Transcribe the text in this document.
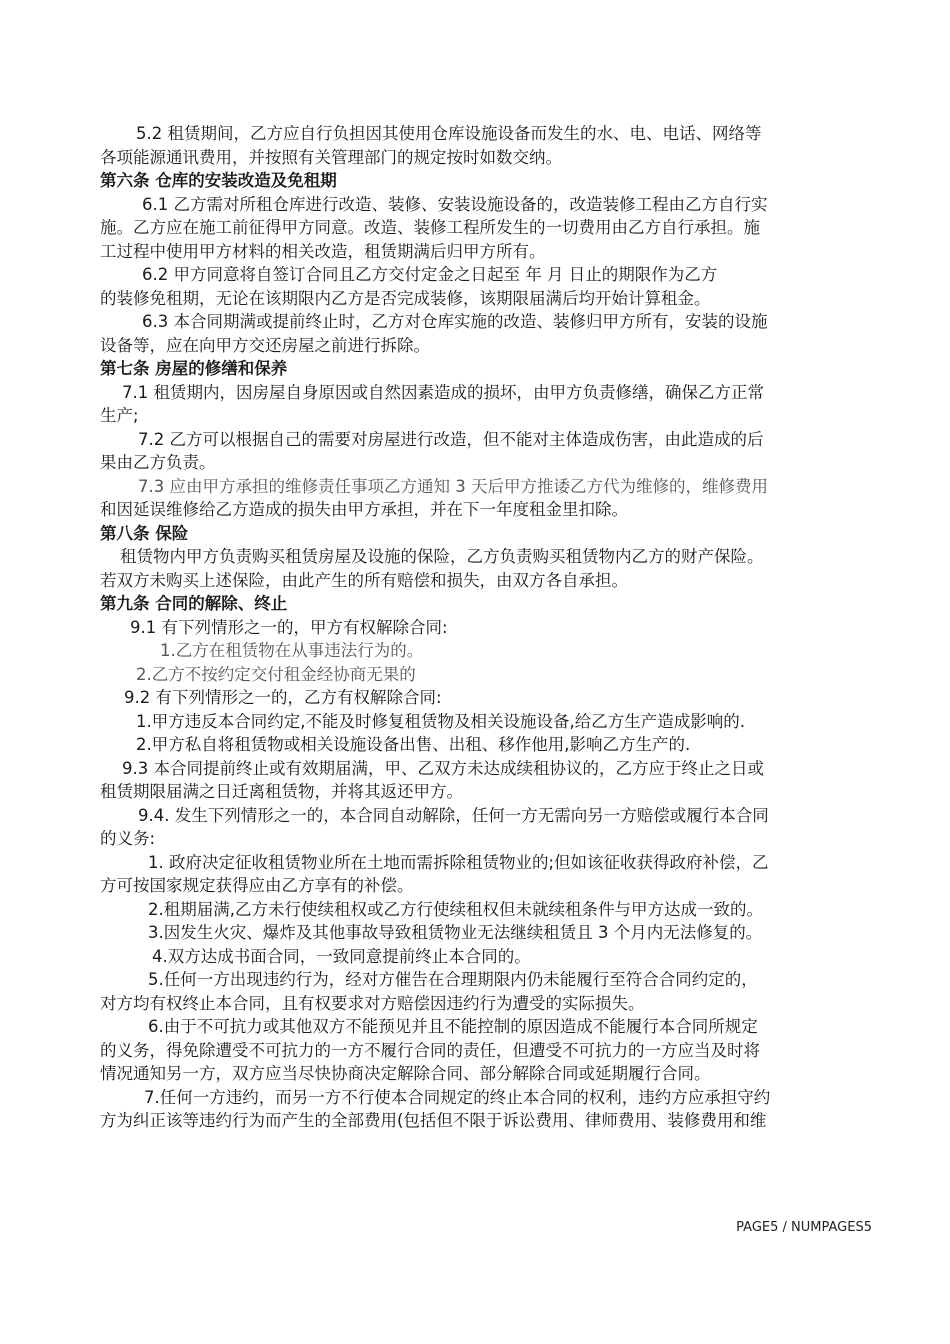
5.2 租赁期间，乙方应自行负担因其使用仓库设施设备而发生的水、电、电话、网络等
各项能源通讯费用，并按照有关管理部门的规定按时如数交纳。
第六条 仓库的安装改造及免租期
6.1 乙方需对所租仓库进行改造、装修、安装设施设备的，改造装修工程由乙方自行实
施。乙方应在施工前征得甲方同意。改造、装修工程所发生的一切费用由乙方自行承担。施
工过程中使用甲方材料的相关改造，租赁期满后归甲方所有。
6.2 甲方同意将自签订合同且乙方交付定金之日起至 年 月 日止的期限作为乙方
的装修免租期，无论在该期限内乙方是否完成装修，该期限届满后均开始计算租金。
6.3 本合同期满或提前终止时，乙方对仓库实施的改造、装修归甲方所有，安装的设施
设备等，应在向甲方交还房屋之前进行拆除。
第七条 房屋的修缮和保养
7.1 租赁期内，因房屋自身原因或自然因素造成的损坏，由甲方负责修缮，确保乙方正常
生产;
7.2 乙方可以根据自己的需要对房屋进行改造，但不能对主体造成伤害，由此造成的后
果由乙方负责。
7.3 应由甲方承担的维修责任事项乙方通知 3 天后甲方推诿乙方代为维修的，维修费用
和因延误维修给乙方造成的损失由甲方承担，并在下一年度租金里扣除。
第八条 保险
租赁物内甲方负责购买租赁房屋及设施的保险，乙方负责购买租赁物内乙方的财产保险。
若双方未购买上述保险，由此产生的所有赔偿和损失，由双方各自承担。
第九条 合同的解除、终止
9.1 有下列情形之一的，甲方有权解除合同:
1.乙方在租赁物在从事违法行为的。
2.乙方不按约定交付租金经协商无果的
9.2 有下列情形之一的，乙方有权解除合同:
1.甲方违反本合同约定,不能及时修复租赁物及相关设施设备,给乙方生产造成影响的.
2.甲方私自将租赁物或相关设施设备出售、出租、移作他用,影响乙方生产的.
9.3 本合同提前终止或有效期届满，甲、乙双方未达成续租协议的，乙方应于终止之日或
租赁期限届满之日迁离租赁物，并将其返还甲方。
9.4. 发生下列情形之一的，本合同自动解除，任何一方无需向另一方赔偿或履行本合同
的义务:
1. 政府决定征收租赁物业所在土地而需拆除租赁物业的;但如该征收获得政府补偿，乙
方可按国家规定获得应由乙方享有的补偿。
2.租期届满,乙方未行使续租权或乙方行使续租权但未就续租条件与甲方达成一致的。
3.因发生火灾、爆炸及其他事故导致租赁物业无法继续租赁且 3 个月内无法修复的。
4.双方达成书面合同，一致同意提前终止本合同的。
5.任何一方出现违约行为，经对方催告在合理期限内仍未能履行至符合合同约定的，
对方均有权终止本合同，且有权要求对方赔偿因违约行为遭受的实际损失。
6.由于不可抗力或其他双方不能预见并且不能控制的原因造成不能履行本合同所规定
的义务，得免除遭受不可抗力的一方不履行合同的责任，但遭受不可抗力的一方应当及时将
情况通知另一方，双方应当尽快协商决定解除合同、部分解除合同或延期履行合同。
7.任何一方违约，而另一方不行使本合同规定的终止本合同的权利，违约方应承担守约
方为纠正该等违约行为而产生的全部费用(包括但不限于诉讼费用、律师费用、装修费用和维
PAGE5 / NUMPAGES5
